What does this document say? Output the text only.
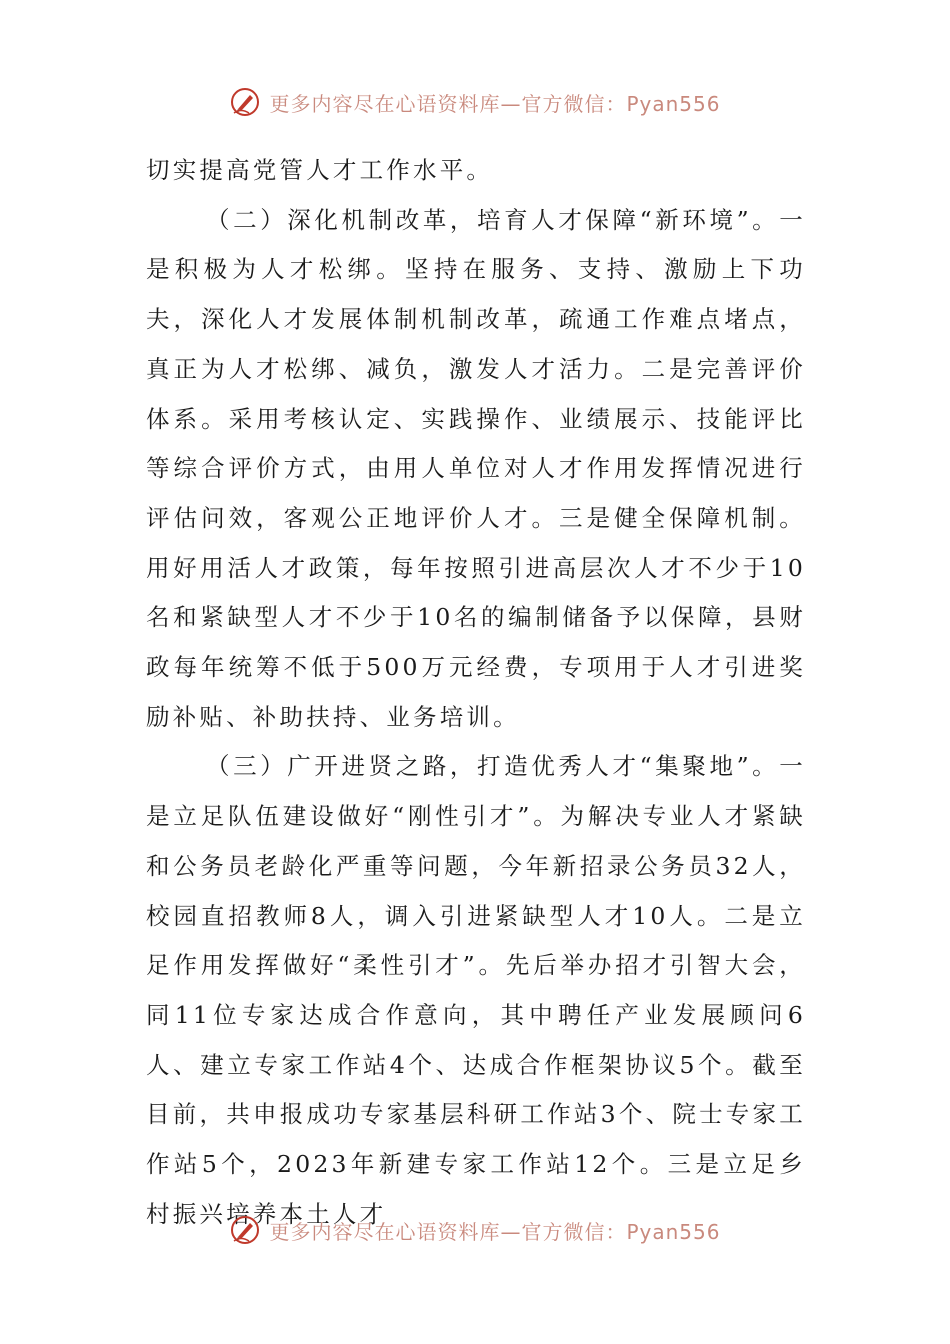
更多内容尽在心语资料库—官方微信：Pyan556

切实提高党管人才工作水平。

（二）深化机制改革，培育人才保障“新环境”。一是积极为人才松绑。坚持在服务、支持、激励上下功夫，深化人才发展体制机制改革，疏通工作难点堵点，真正为人才松绑、减负，激发人才活力。二是完善评价体系。采用考核认定、实践操作、业绩展示、技能评比等综合评价方式，由用人单位对人才作用发挥情况进行评估问效，客观公正地评价人才。三是健全保障机制。用好用活人才政策，每年按照引进高层次人才不少于10名和紧缺型人才不少于10名的编制储备予以保障，县财政每年统筹不低于500万元经费，专项用于人才引进奖励补贴、补助扶持、业务培训。

（三）广开进贤之路，打造优秀人才“集聚地”。一是立足队伍建设做好“刚性引才”。为解决专业人才紧缺和公务员老龄化严重等问题，今年新招录公务员32人，校园直招教师8人，调入引进紧缺型人才10人。二是立足作用发挥做好“柔性引才”。先后举办招才引智大会，同11位专家达成合作意向，其中聘任产业发展顾问6人、建立专家工作站4个、达成合作框架协议5个。截至目前，共申报成功专家基层科研工作站3个、院士专家工作站5个，2023年新建专家工作站12个。三是立足乡村振兴培养本土人才

更多内容尽在心语资料库—官方微信：Pyan556
